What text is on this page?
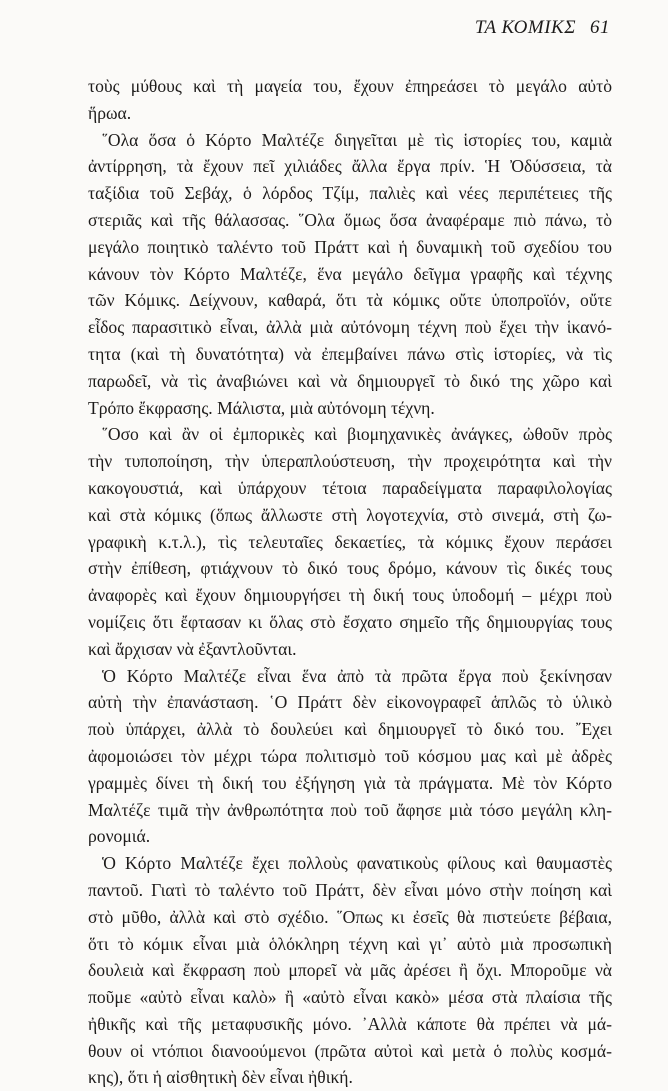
ΤΑ ΚΟΜΙΚΣ 61

τοὺς μύθους καὶ τὴ μαγεία του, ἔχουν ἐπηρεάσει τὸ μεγάλο αὐτὸ
ἥρωα.

῞Ολα ὅσα ὁ Κόρτο Μαλτέζε διηγεῖται μὲ τὶς ἱστορίες του, καμιὰ
ἀντίρρηση, τὰ ἔχουν πεῖ χιλιάδες ἄλλα ἔργα πρίν. Ἡ Ὀδύσσεια, τὰ
ταξίδια τοῦ Σεβάχ, ὁ λόρδος Τζίμ, παλιὲς καὶ νέες περιπέτειες τῆς
στεριᾶς καὶ τῆς θάλασσας. ῞Ολα ὅμως ὅσα ἀναφέραμε πιὸ πάνω, τὸ
μεγάλο ποιητικὸ ταλέντο τοῦ Πράττ καὶ ἡ δυναμικὴ τοῦ σχεδίου του
κάνουν τὸν Κόρτο Μαλτέζε, ἕνα μεγάλο δεῖγμα γραφῆς καὶ τέχνης
τῶν Κόμικς. Δείχνουν, καθαρά, ὅτι τὰ κόμικς οὔτε ὑποπροϊόν, οὔτε
εἶδος παρασιτικὸ εἶναι, ἀλλὰ μιὰ αὐτόνομη τέχνη ποὺ ἔχει τὴν ἱκανό-
τητα (καὶ τὴ δυνατότητα) νὰ ἐπεμβαίνει πάνω στὶς ἱστορίες, νὰ τὶς
παρωδεῖ, νὰ τὶς ἀναβιώνει καὶ νὰ δημιουργεῖ τὸ δικό της χῶρο καὶ
Τρόπο ἔκφρασης. Μάλιστα, μιὰ αὐτόνομη τέχνη.

῞Οσο καὶ ἂν οἱ ἐμπορικὲς καὶ βιομηχανικὲς ἀνάγκες, ὠθοῦν πρὸς
τὴν τυποποίηση, τὴν ὑπεραπλούστευση, τὴν προχειρότητα καὶ τὴν
κακογουστιά, καὶ ὑπάρχουν τέτοια παραδείγματα παραφιλολογίας
καὶ στὰ κόμικς (ὅπως ἄλλωστε στὴ λογοτεχνία, στὸ σινεμά, στὴ ζω-
γραφικὴ κ.τ.λ.), τὶς τελευταῖες δεκαετίες, τὰ κόμικς ἔχουν περάσει
στὴν ἐπίθεση, φτιάχνουν τὸ δικό τους δρόμο, κάνουν τὶς δικές τους
ἀναφορὲς καὶ ἔχουν δημιουργήσει τὴ δική τους ὑποδομή – μέχρι ποὺ
νομίζεις ὅτι ἔφτασαν κι ὅλας στὸ ἔσχατο σημεῖο τῆς δημιουργίας τους
καὶ ἄρχισαν νὰ ἐξαντλοῦνται.

Ὁ Κόρτο Μαλτέζε εἶναι ἕνα ἀπὸ τὰ πρῶτα ἔργα ποὺ ξεκίνησαν
αὐτὴ τὴν ἐπανάσταση. ῾Ο Πράττ δὲν εἰκονογραφεῖ ἁπλῶς τὸ ὑλικὸ
ποὺ ὑπάρχει, ἀλλὰ τὸ δουλεύει καὶ δημιουργεῖ τὸ δικό του. ῎Εχει
ἀφομοιώσει τὸν μέχρι τώρα πολιτισμὸ τοῦ κόσμου μας καὶ μὲ ἀδρὲς
γραμμὲς δίνει τὴ δική του ἐξήγηση γιὰ τὰ πράγματα. Μὲ τὸν Κόρτο
Μαλτέζε τιμᾶ τὴν ἀνθρωπότητα ποὺ τοῦ ἄφησε μιὰ τόσο μεγάλη κλη-
ρονομιά.

Ὁ Κόρτο Μαλτέζε ἔχει πολλοὺς φανατικοὺς φίλους καὶ θαυμαστὲς
παντοῦ. Γιατὶ τὸ ταλέντο τοῦ Πράττ, δὲν εἶναι μόνο στὴν ποίηση καὶ
στὸ μῦθο, ἀλλὰ καὶ στὸ σχέδιο. ῞Οπως κι ἐσεῖς θὰ πιστεύετε βέβαια,
ὅτι τὸ κόμικ εἶναι μιὰ ὁλόκληρη τέχνη καὶ γι᾽ αὐτὸ μιὰ προσωπικὴ
δουλειὰ καὶ ἔκφραση ποὺ μπορεῖ νὰ μᾶς ἀρέσει ἢ ὄχι. Μποροῦμε νὰ
ποῦμε «αὐτὸ εἶναι καλὸ» ἢ «αὐτὸ εἶναι κακὸ» μέσα στὰ πλαίσια τῆς
ἠθικῆς καὶ τῆς μεταφυσικῆς μόνο. ᾿Αλλὰ κάποτε θὰ πρέπει νὰ μά-
θουν οἱ ντόπιοι διανοούμενοι (πρῶτα αὐτοὶ καὶ μετὰ ὁ πολὺς κοσμά-
κης), ὅτι ἡ αἰσθητικὴ δὲν εἶναι ἠθική.
